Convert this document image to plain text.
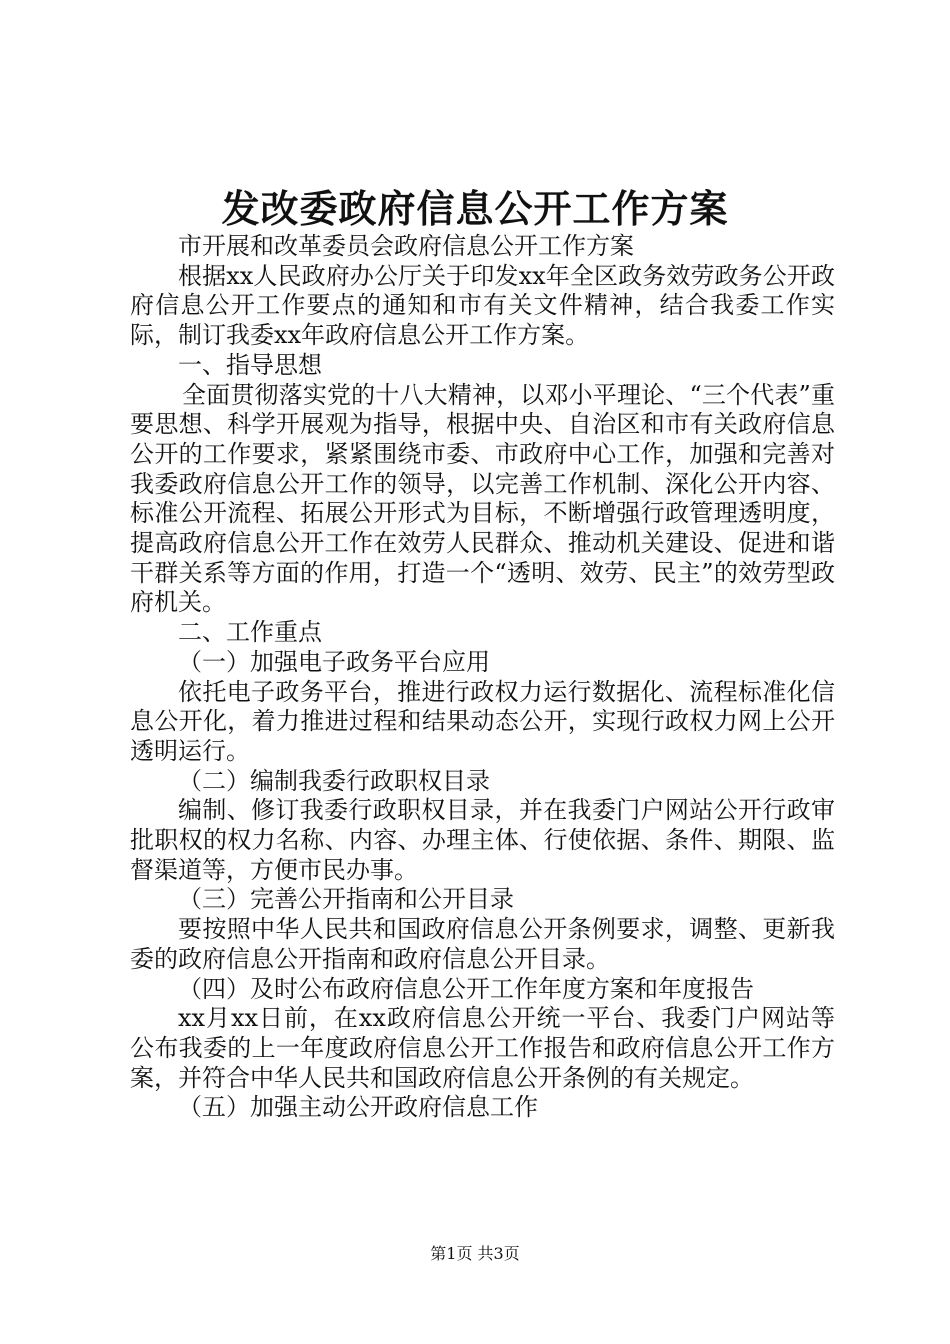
发改委政府信息公开工作方案

市开展和改革委员会政府信息公开工作方案

根据xx人民政府办公厅关于印发xx年全区政务效劳政务公开政府信息公开工作要点的通知和市有关文件精神，结合我委工作实际，制订我委xx年政府信息公开工作方案。

一、指导思想

全面贯彻落实党的十八大精神，以邓小平理论、“三个代表”重要思想、科学开展观为指导，根据中央、自治区和市有关政府信息公开的工作要求，紧紧围绕市委、市政府中心工作，加强和完善对我委政府信息公开工作的领导，以完善工作机制、深化公开内容、标准公开流程、拓展公开形式为目标，不断增强行政管理透明度，提高政府信息公开工作在效劳人民群众、推动机关建设、促进和谐干群关系等方面的作用，打造一个“透明、效劳、民主”的效劳型政府机关。

二、工作重点

（一）加强电子政务平台应用

依托电子政务平台，推进行政权力运行数据化、流程标准化信息公开化，着力推进过程和结果动态公开，实现行政权力网上公开透明运行。

（二）编制我委行政职权目录

编制、修订我委行政职权目录，并在我委门户网站公开行政审批职权的权力名称、内容、办理主体、行使依据、条件、期限、监督渠道等，方便市民办事。

（三）完善公开指南和公开目录

要按照中华人民共和国政府信息公开条例要求，调整、更新我委的政府信息公开指南和政府信息公开目录。

（四）及时公布政府信息公开工作年度方案和年度报告

xx月xx日前，在xx政府信息公开统一平台、我委门户网站等公布我委的上一年度政府信息公开工作报告和政府信息公开工作方案，并符合中华人民共和国政府信息公开条例的有关规定。

（五）加强主动公开政府信息工作

第1页 共3页
